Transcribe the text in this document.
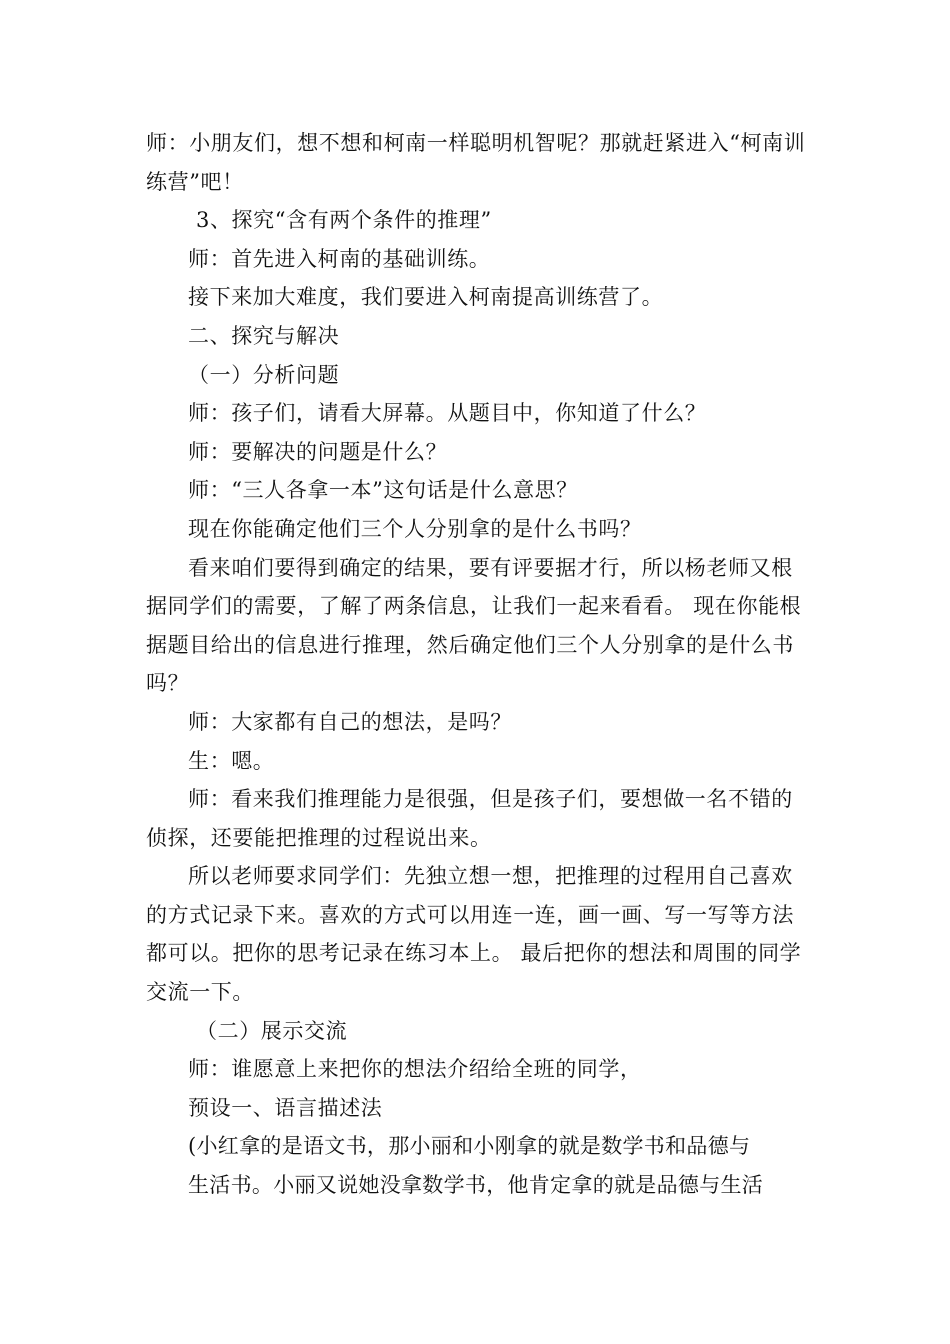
师：小朋友们，想不想和柯南一样聪明机智呢？那就赶紧进入“柯南训练营”吧！

3、探究“含有两个条件的推理”

师：首先进入柯南的基础训练。

接下来加大难度，我们要进入柯南提高训练营了。

二、探究与解决

（一）分析问题

师：孩子们，请看大屏幕。从题目中，你知道了什么？

师：要解决的问题是什么？

师：“三人各拿一本”这句话是什么意思？

现在你能确定他们三个人分别拿的是什么书吗？

看来咱们要得到确定的结果，要有评要据才行，所以杨老师又根据同学们的需要，了解了两条信息，让我们一起来看看。 现在你能根据题目给出的信息进行推理，然后确定他们三个人分别拿的是什么书吗？

师：大家都有自己的想法，是吗？

生：嗯。

师：看来我们推理能力是很强，但是孩子们，要想做一名不错的侦探，还要能把推理的过程说出来。

所以老师要求同学们：先独立想一想，把推理的过程用自己喜欢的方式记录下来。喜欢的方式可以用连一连，画一画、写一写等方法都可以。把你的思考记录在练习本上。 最后把你的想法和周围的同学交流一下。

（二）展示交流

师：谁愿意上来把你的想法介绍给全班的同学，

预设一、语言描述法

(小红拿的是语文书，那小丽和小刚拿的就是数学书和品德与

生活书。小丽又说她没拿数学书，他肯定拿的就是品德与生活
